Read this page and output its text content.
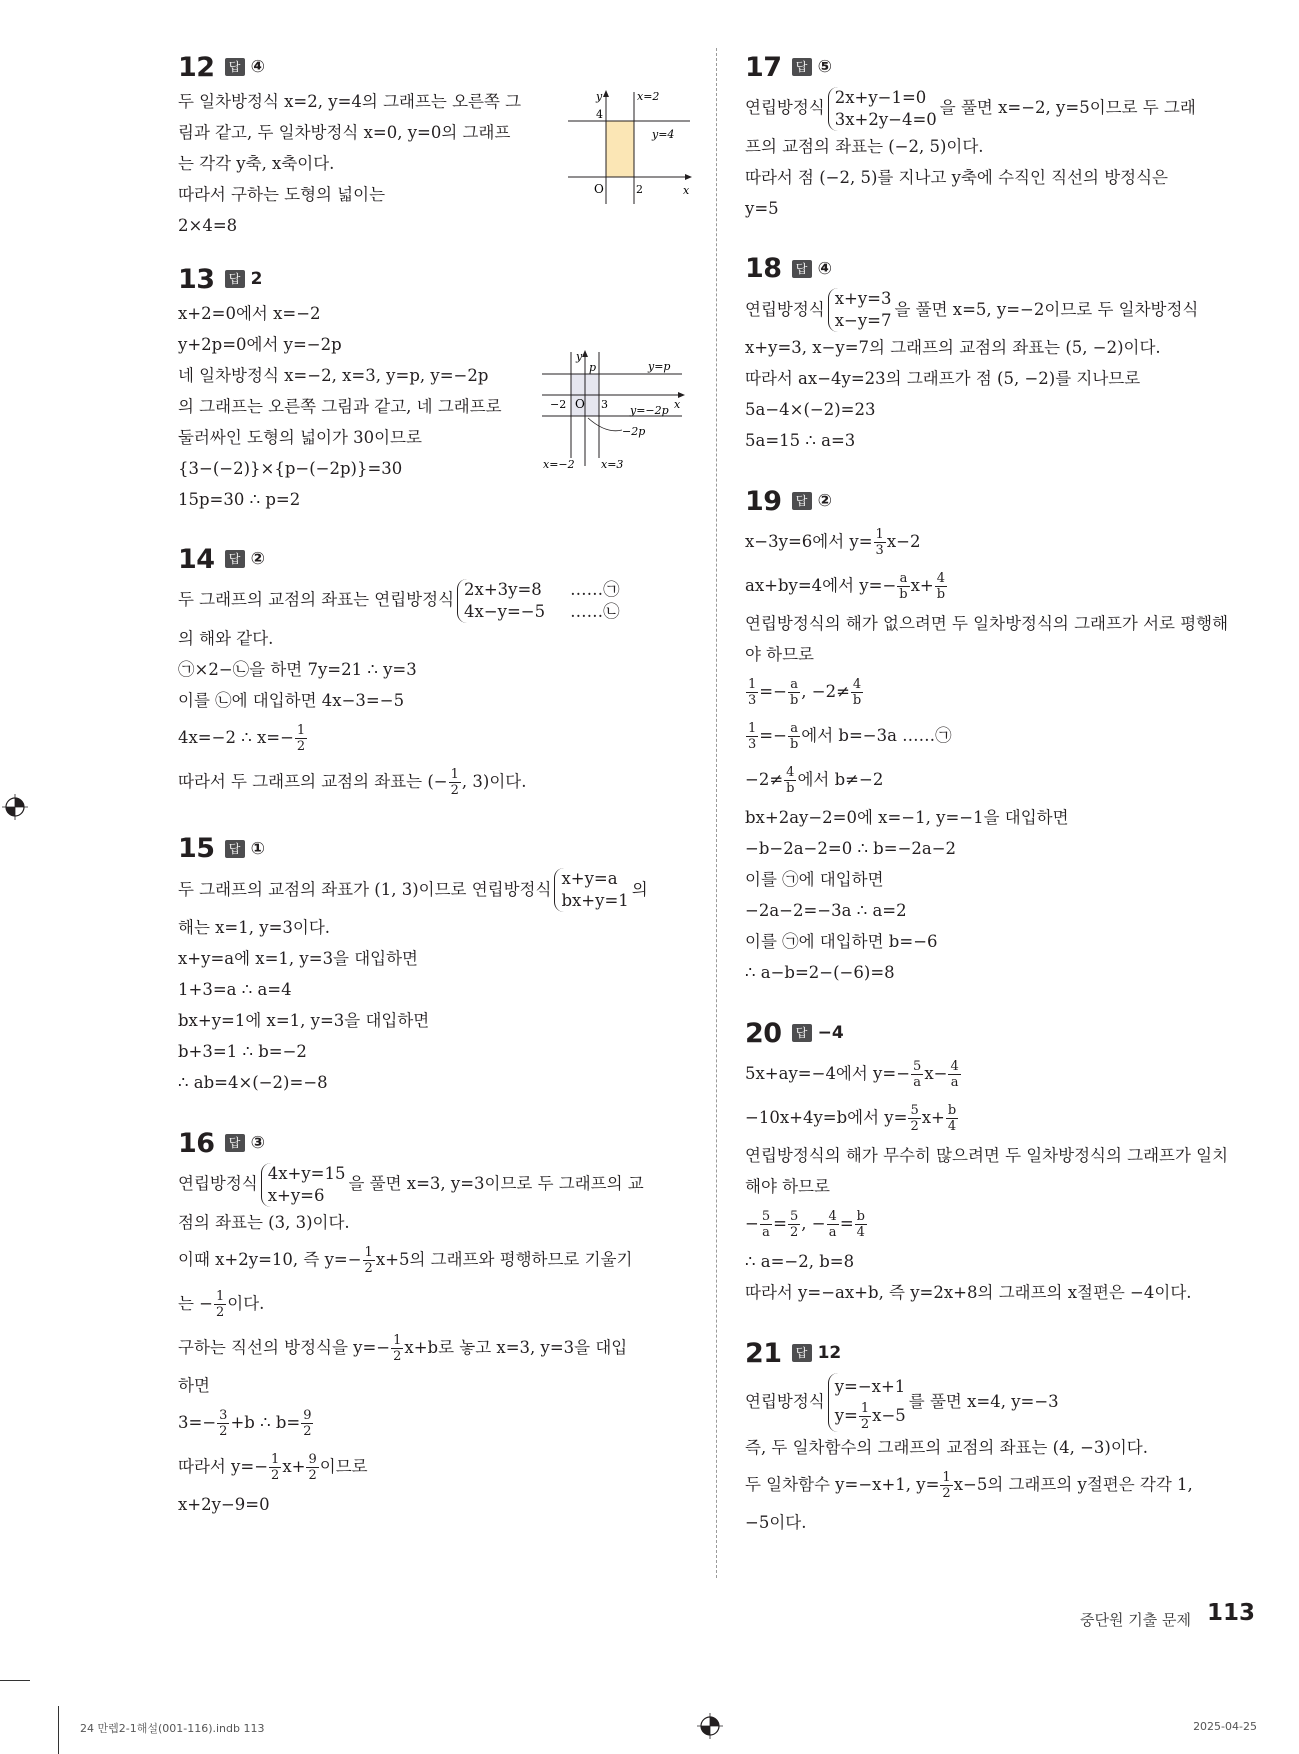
12	답 ④
두 일차방정식 x=2, y=4의 그래프는 오른쪽 그
림과 같고, 두 일차방정식 x=0, y=0의 그래프
는 각각 y축, x축이다.
따라서 구하는 도형의 넓이는
2×4=8
y
x
O
4
2
x=2
y=4
13	답 2
x+2=0에서 x=−2
y+2p=0에서 y=−2p
네 일차방정식 x=−2, x=3, y=p, y=−2p
의 그래프는 오른쪽 그림과 같고, 네 그래프로
둘러싸인 도형의 넓이가 30이므로
{3−(−2)}×{p−(−2p)}=30
15p=30 ∴ p=2
y
x
O
p
−2	3
−2p
y=p
y=−2p
x=−2 x=3
14	답 ②
두 그래프의 교점의 좌표는 연립방정식
2x+3y=8
4x−y=−5
……㉠
……㉡
의 해와 같다.
㉠×2−㉡을 하면 7y=21 ∴ y=3
이를 ㉡에 대입하면 4x−3=−5
4x=−2 ∴ $x=- \frac{1}{2}$
따라서 두 그래프의 교점의 좌표는 (− $\frac{1}{2}$ , 3)이다.
15	답 ①
두 그래프의 교점의 좌표가 (1, 3)이므로 연립방정식
x+y=a
bx+y=1
의
해는 x=1, y=3이다.
x+y=a에 x=1, y=3을 대입하면
1+3=a ∴ a=4
bx+y=1에 x=1, y=3을 대입하면
b+3=1 ∴ b=−2
∴ ab=4×(−2)=−8
16	답 ③
연립방정식
4x+y=15
x+y=6
을 풀면 x=3, y=3이므로 두 그래프의 교
점의 좌표는 (3, 3)이다.
이때 x+2y=10, 즉 $y=- \frac{1}{2} x+5$의 그래프와 평행하므로 기울기
는 − $\frac{1}{2}$ 이다.
구하는 직선의 방정식을 $y=- \frac{1}{2} x+b$로 놓고 x=3, y=3을 대입
하면
$3=- \frac{3}{2} +b$ ∴ $b= \frac{9}{2}$
따라서 $y=- \frac{1}{2} x+ \frac{9}{2}$ 이므로
x+2y−9=0
17	답 ⑤
연립방정식
2x+y−1=0
3x+2y−4=0
을 풀면 x=−2, y=5이므로 두 그래
프의 교점의 좌표는 (−2, 5)이다.
따라서 점 (−2, 5)를 지나고 y축에 수직인 직선의 방정식은
y=5
18	답 ④
연립방정식
x+y=3
x−y=7
을 풀면 x=5, y=−2이므로 두 일차방정식
x+y=3, x−y=7의 그래프의 교점의 좌표는 (5, −2)이다.
따라서 ax−4y=23의 그래프가 점 (5, −2)를 지나므로
5a−4×(−2)=23
5a=15 ∴ a=3
19	답 ②
x−3y=6에서 $y= \frac{1}{3} x-2$
ax+by=4에서 $y=- \frac{a}{b} x+ \frac{4}{b}$
연립방정식의 해가 없으려면 두 일차방정식의 그래프가 서로 평행해
야 하므로
$\frac{1}{3} =- \frac{a}{b}$ , $-2\ne \frac{4}{b}$
$\frac{1}{3} =- \frac{a}{b}$ 에서 b=−3a ……㉠
$-2\ne \frac{4}{b}$ 에서 b≠−2
bx+2ay−2=0에 x=−1, y=−1을 대입하면
−b−2a−2=0 ∴ b=−2a−2
이를 ㉠에 대입하면
−2a−2=−3a ∴ a=2
이를 ㉠에 대입하면 b=−6
∴ a−b=2−(−6)=8
20	답 −4
5x+ay=−4에서 $y=- \frac{5}{a} x- \frac{4}{a}$
−10x+4y=b에서 $y= \frac{5}{2} x+ \frac{b}{4}$
연립방정식의 해가 무수히 많으려면 두 일차방정식의 그래프가 일치
해야 하므로
− $\frac{5}{a} = \frac{5}{2}$ , − $\frac{4}{a} = \frac{b}{4}$
∴ a=−2, b=8
따라서 y=−ax+b, 즉 y=2x+8의 그래프의 x절편은 −4이다.
21	답 12
연립방정식
y=−x+1
$y= \frac{1}{2} x-5$
를 풀면 x=4, y=−3
즉, 두 일차함수의 그래프의 교점의 좌표는 (4, −3)이다.
두 일차함수 y=−x+1, $y= \frac{1}{2} x-5$의 그래프의 y절편은 각각 1,
−5이다.
중단원 기출 문제 113
24 만렙2-1해설(001-116).indb 113	2025-04-25
